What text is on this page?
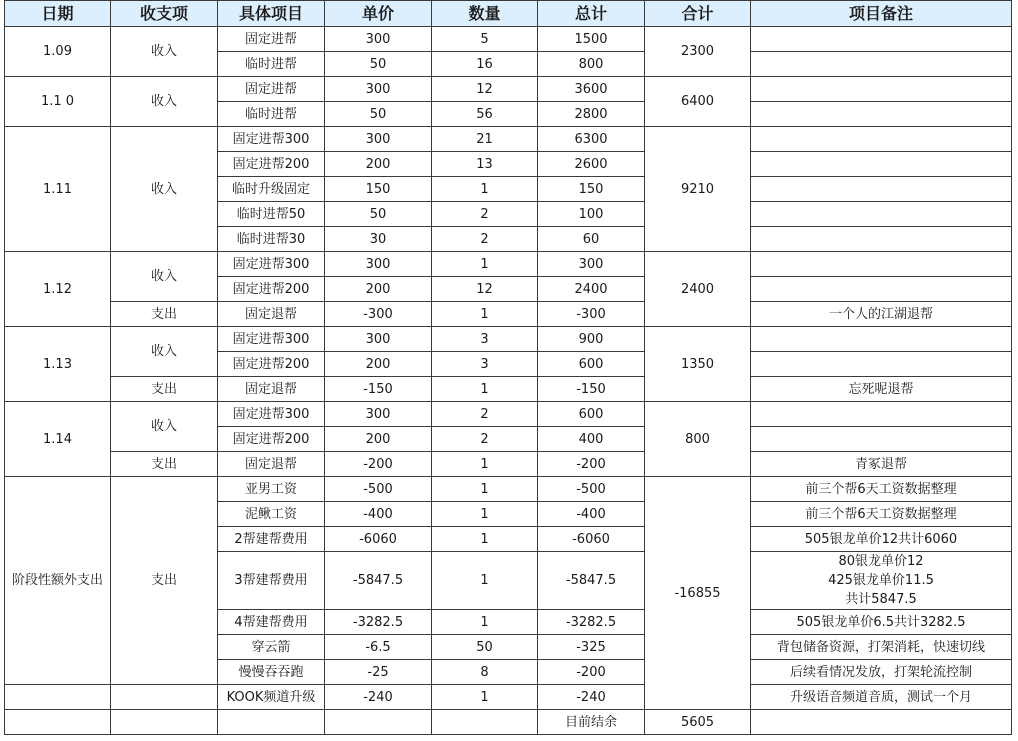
日期	收支项	具体项目	单价	数量	总计	合计	项目备注
1.09	收入	固定进帮	300	5	1500	2300	
		临时进帮	50	16	800		
1.1 0	收入	固定进帮	300	12	3600	6400	
		临时进帮	50	56	2800		
1.11	收入	固定进帮300	300	21	6300	9210	
		固定进帮200	200	13	2600		
		临时升级固定	150	1	150		
		临时进帮50	50	2	100		
		临时进帮30	30	2	60		
1.12	收入	固定进帮300	300	1	300	2400	
		固定进帮200	200	12	2400		
	支出	固定退帮	-300	1	-300		一个人的江湖退帮
1.13	收入	固定进帮300	300	3	900	1350	
		固定进帮200	200	3	600		
	支出	固定退帮	-150	1	-150		忘死呢退帮
1.14	收入	固定进帮300	300	2	600	800	
		固定进帮200	200	2	400		
	支出	固定退帮	-200	1	-200		青冢退帮
阶段性额外支出	支出	亚男工资	-500	1	-500	-16855	前三个帮6天工资数据整理
		泥鳅工资	-400	1	-400		前三个帮6天工资数据整理
		2帮建帮费用	-6060	1	-6060		505银龙单价12共计6060
		3帮建帮费用	-5847.5	1	-5847.5		80银龙单价12
425银龙单价11.5
共计5847.5

		4帮建帮费用	-3282.5	1	-3282.5		505银龙单价6.5共计3282.5
		穿云箭	-6.5	50	-325		背包储备资源，打架消耗，快速切线
		慢慢吞吞跑	-25	8	-200		后续看情况发放，打架轮流控制
		KOOK频道升级	-240	1	-240		升级语音频道音质，测试一个月
					目前结余	5605	
